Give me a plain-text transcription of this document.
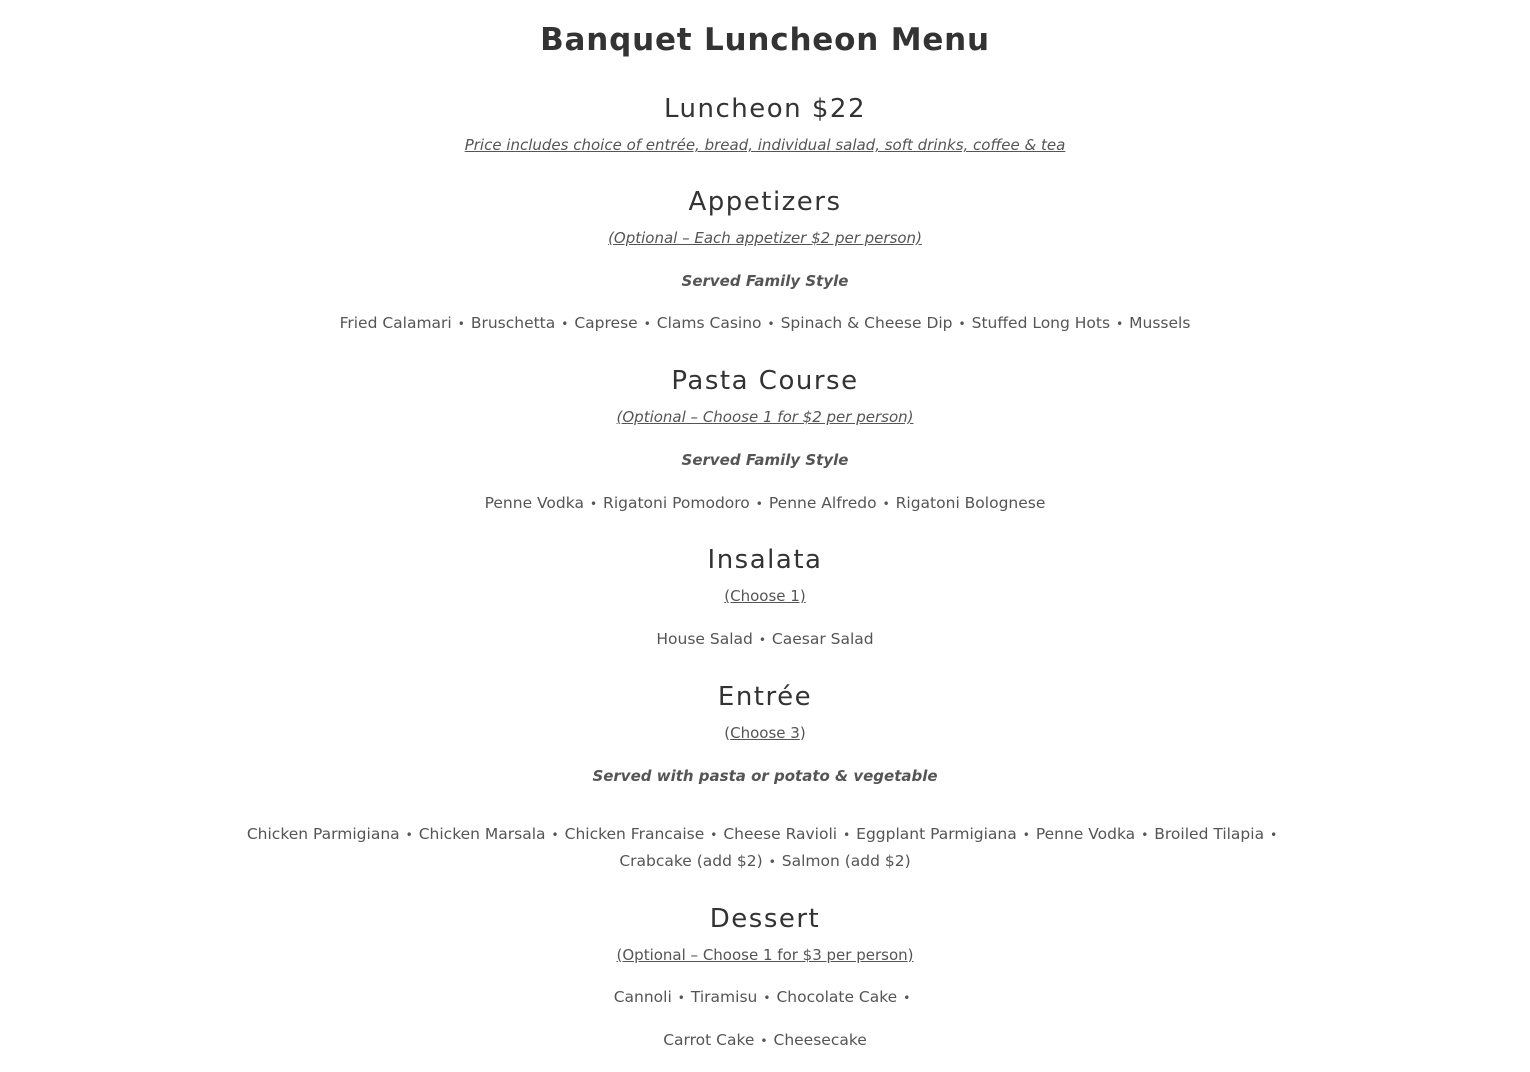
Banquet Luncheon Menu
Luncheon $22
Price includes choice of entrée, bread, individual salad, soft drinks, coffee & tea
Appetizers
(Optional – Each appetizer $2 per person)
Served Family Style
Fried Calamari • Bruschetta • Caprese • Clams Casino • Spinach & Cheese Dip • Stuffed Long Hots • Mussels
Pasta Course
(Optional – Choose 1 for $2 per person)
Served Family Style
Penne Vodka • Rigatoni Pomodoro • Penne Alfredo • Rigatoni Bolognese
Insalata
(Choose 1)
House Salad • Caesar Salad
Entrée
(Choose 3)
Served with pasta or potato & vegetable
Chicken Parmigiana • Chicken Marsala • Chicken Francaise • Cheese Ravioli • Eggplant Parmigiana • Penne Vodka • Broiled Tilapia •
Crabcake (add $2) • Salmon (add $2)
Dessert
(Optional – Choose 1 for $3 per person)
Cannoli • Tiramisu • Chocolate Cake •
Carrot Cake • Cheesecake
